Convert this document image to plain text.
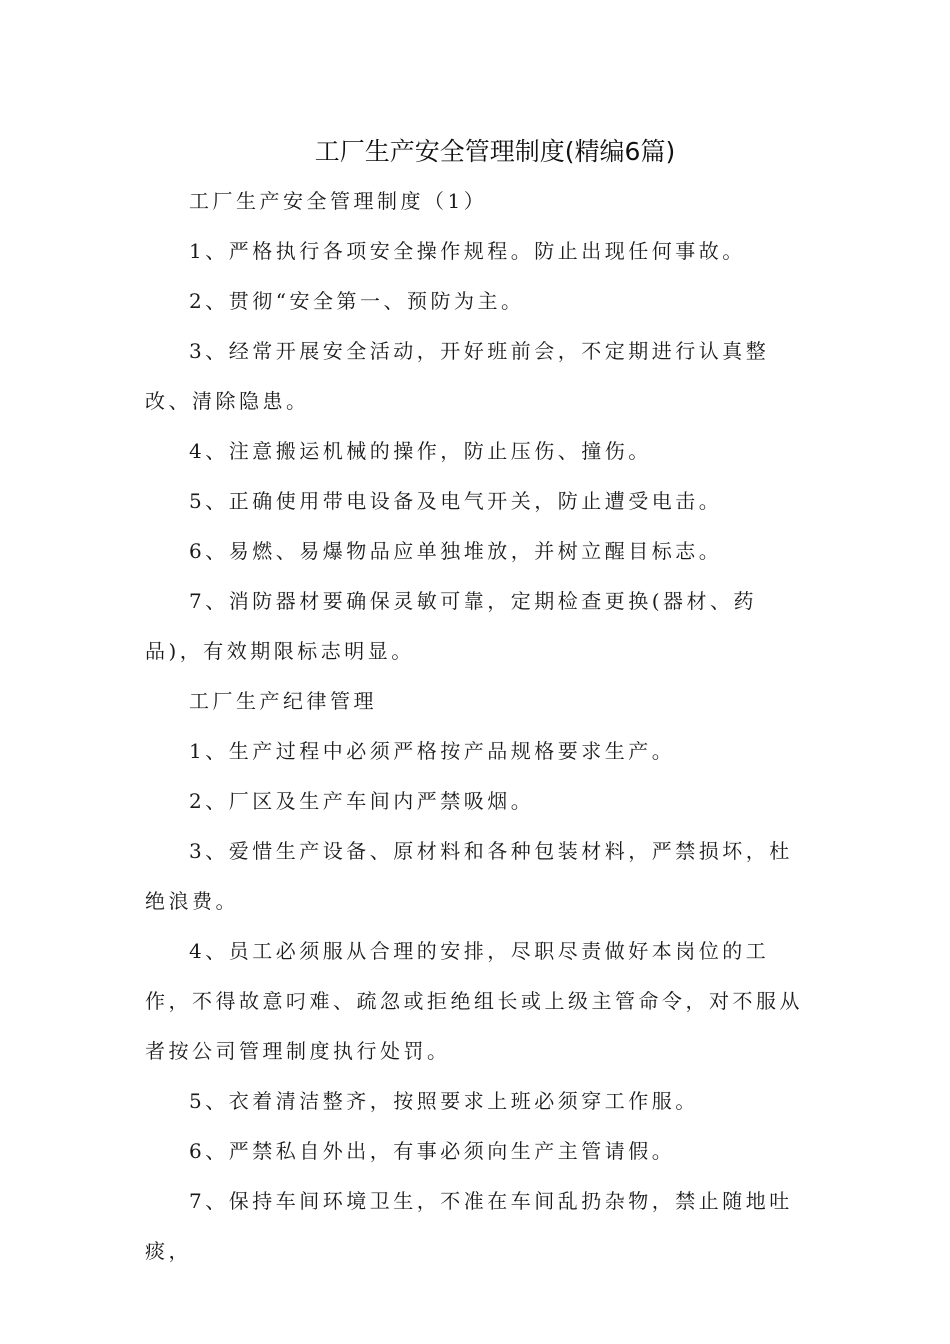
工厂生产安全管理制度(精编6篇)

工厂生产安全管理制度（1）

1、严格执行各项安全操作规程。防止出现任何事故。

2、贯彻“安全第一、预防为主。

3、经常开展安全活动，开好班前会，不定期进行认真整改、清除隐患。

4、注意搬运机械的操作，防止压伤、撞伤。

5、正确使用带电设备及电气开关，防止遭受电击。

6、易燃、易爆物品应单独堆放，并树立醒目标志。

7、消防器材要确保灵敏可靠，定期检查更换(器材、药品)，有效期限标志明显。

工厂生产纪律管理

1、生产过程中必须严格按产品规格要求生产。

2、厂区及生产车间内严禁吸烟。

3、爱惜生产设备、原材料和各种包装材料，严禁损坏，杜绝浪费。

4、员工必须服从合理的安排，尽职尽责做好本岗位的工作，不得故意叼难、疏忽或拒绝组长或上级主管命令，对不服从者按公司管理制度执行处罚。

5、衣着清洁整齐，按照要求上班必须穿工作服。

6、严禁私自外出，有事必须向生产主管请假。

7、保持车间环境卫生，不准在车间乱扔杂物，禁止随地吐痰，
